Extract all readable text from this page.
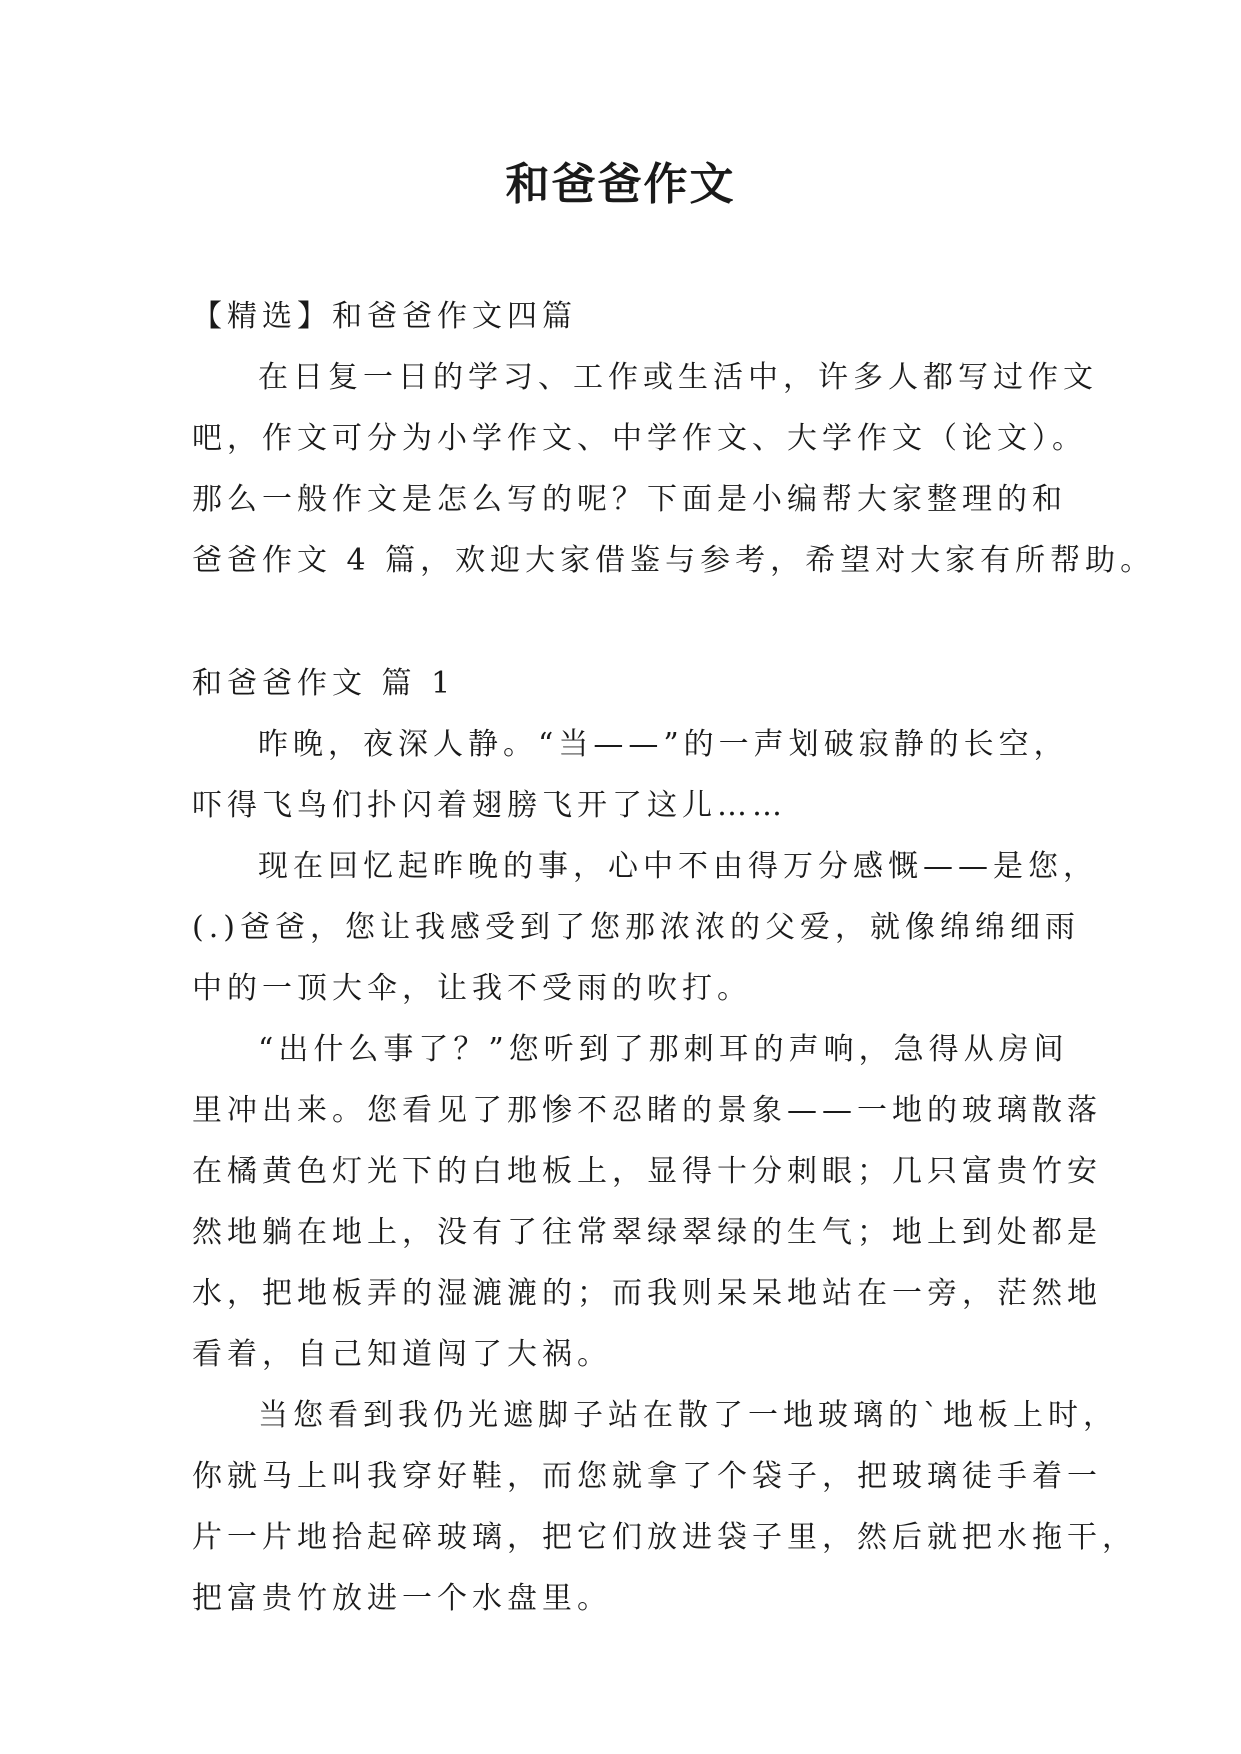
和爸爸作文
【精选】和爸爸作文四篇
在日复一日的学习、工作或生活中，许多人都写过作文
吧，作文可分为小学作文、中学作文、大学作文（论文）。
那么一般作文是怎么写的呢？下面是小编帮大家整理的和
爸爸作文 4 篇，欢迎大家借鉴与参考，希望对大家有所帮助。
和爸爸作文 篇 1
昨晚，夜深人静。“当——”的一声划破寂静的长空，
吓得飞鸟们扑闪着翅膀飞开了这儿……
现在回忆起昨晚的事，心中不由得万分感慨——是您，
(.)爸爸，您让我感受到了您那浓浓的父爱，就像绵绵细雨
中的一顶大伞，让我不受雨的吹打。
“出什么事了？”您听到了那刺耳的声响，急得从房间
里冲出来。您看见了那惨不忍睹的景象——一地的玻璃散落
在橘黄色灯光下的白地板上，显得十分刺眼；几只富贵竹安
然地躺在地上，没有了往常翠绿翠绿的生气；地上到处都是
水，把地板弄的湿漉漉的；而我则呆呆地站在一旁，茫然地
看着，自己知道闯了大祸。
当您看到我仍光遮脚子站在散了一地玻璃的`地板上时，
你就马上叫我穿好鞋，而您就拿了个袋子，把玻璃徒手着一
片一片地拾起碎玻璃，把它们放进袋子里，然后就把水拖干，
把富贵竹放进一个水盘里。
